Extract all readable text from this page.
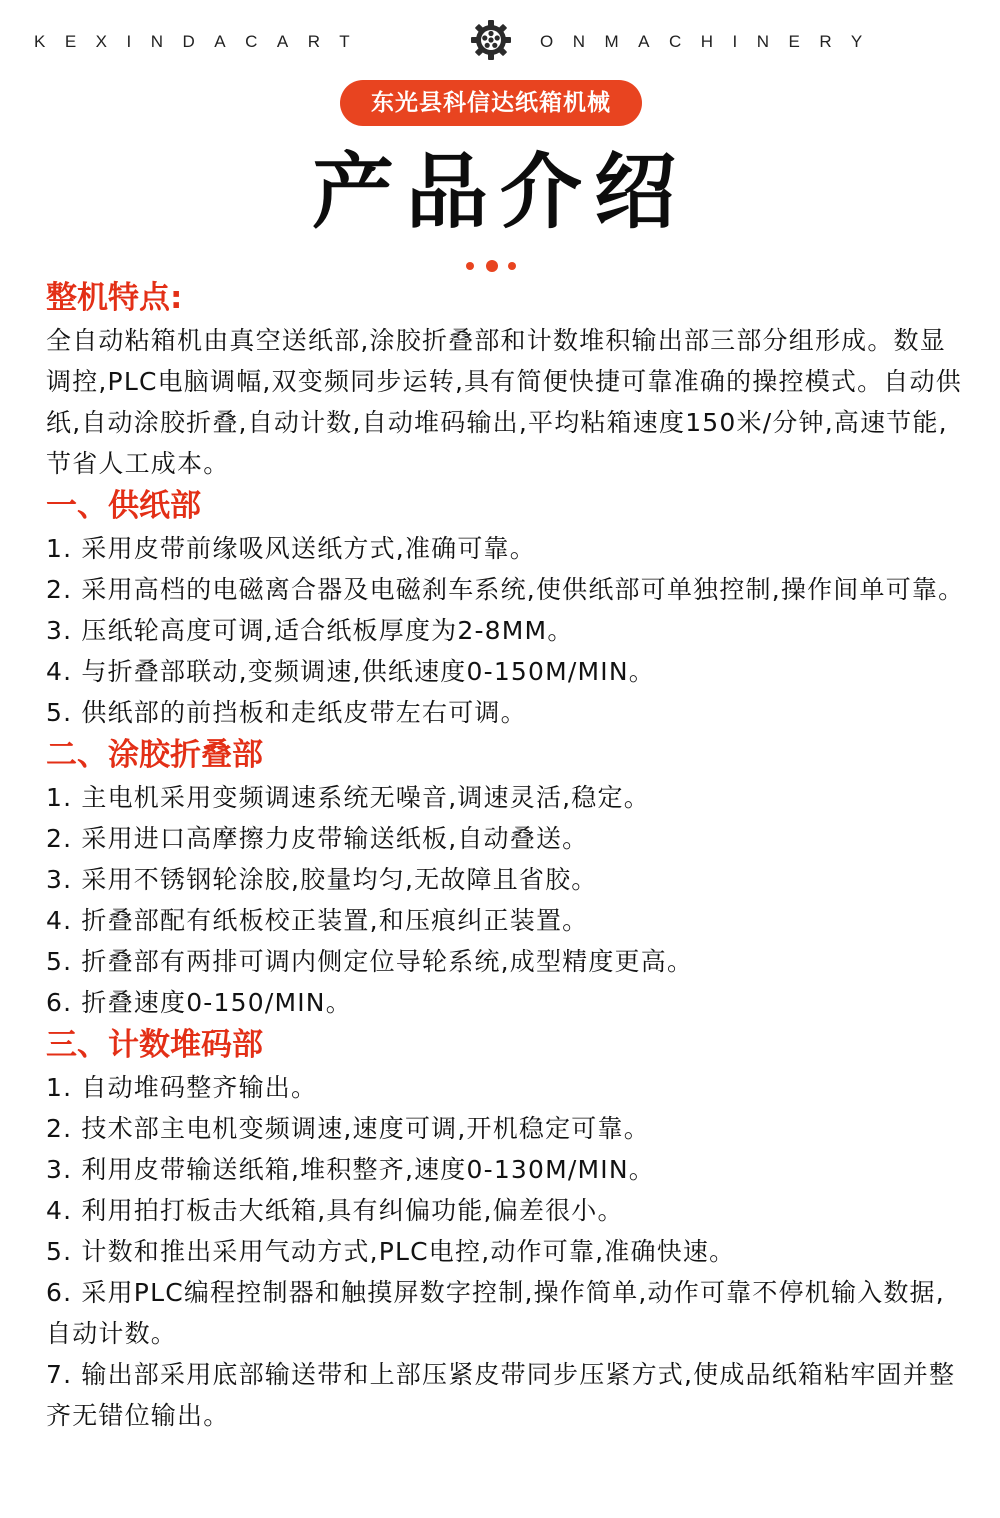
KEXINDACART	ONMACHINERY
东光县科信达纸箱机械
产品介绍
整机特点:

全自动粘箱机由真空送纸部,涂胶折叠部和计数堆积输出部三部分组形成。数显调控,PLC电脑调幅,双变频同步运转,具有简便快捷可靠准确的操控模式。自动供纸,自动涂胶折叠,自动计数,自动堆码输出,平均粘箱速度150米/分钟,高速节能,节省人工成本。

一、供纸部

1. 采用皮带前缘吸风送纸方式,准确可靠。

2. 采用高档的电磁离合器及电磁刹车系统,使供纸部可单独控制,操作间单可靠。

3. 压纸轮高度可调,适合纸板厚度为2-8MM。

4. 与折叠部联动,变频调速,供纸速度0-150M/MIN。

5. 供纸部的前挡板和走纸皮带左右可调。

二、涂胶折叠部

1. 主电机采用变频调速系统无噪音,调速灵活,稳定。

2. 采用进口高摩擦力皮带输送纸板,自动叠送。

3. 采用不锈钢轮涂胶,胶量均匀,无故障且省胶。

4. 折叠部配有纸板校正装置,和压痕纠正装置。

5. 折叠部有两排可调内侧定位导轮系统,成型精度更高。

6. 折叠速度0-150/MIN。

三、计数堆码部

1. 自动堆码整齐输出。

2. 技术部主电机变频调速,速度可调,开机稳定可靠。

3. 利用皮带输送纸箱,堆积整齐,速度0-130M/MIN。

4. 利用拍打板击大纸箱,具有纠偏功能,偏差很小。

5. 计数和推出采用气动方式,PLC电控,动作可靠,准确快速。

6. 采用PLC编程控制器和触摸屏数字控制,操作简单,动作可靠不停机输入数据,自动计数。

7. 输出部采用底部输送带和上部压紧皮带同步压紧方式,使成品纸箱粘牢固并整齐无错位输出。
